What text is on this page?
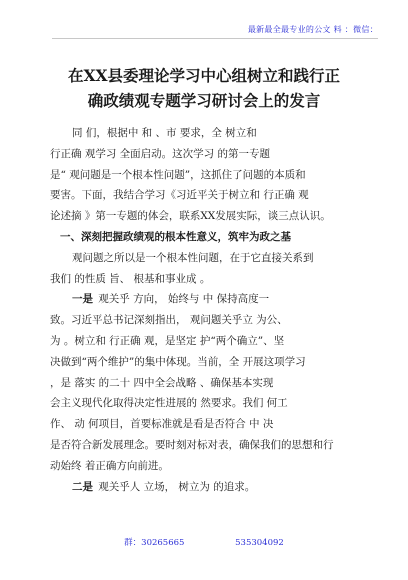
最新最全最专业的公文 料 ：微信：
在XX县委理论学习中心组树立和践行正
确政绩观专题学习研讨会上的发言
同 们，根据中 和 、市 要求，全 树立和
行正确 观学习 全面启动。这次学习 的第一专题
是“ 观问题是一个根本性问题”，这抓住了问题的本质和
要害。下面，我结合学习《习近平关于树立和 行正确 观
论述摘 》第一专题的体会，联系XX发展实际，谈三点认识。
一、深刻把握政绩观的根本性意义，筑牢为政之基
观问题之所以是一个根本性问题，在于它直接关系到
我们 的性质 旨、 根基和事业成 。
一是  观关乎 方向， 始终与 中 保持高度一
致。习近平总书记深刻指出， 观问题关乎立 为公、
为 。树立和 行正确 观，是坚定 护“两个确立”、坚
决做到“两个维护”的集中体现。当前，全 开展这项学习
，是 落实 的二十 四中全会战略 、确保基本实现
会主义现代化取得决定性进展的 然要求。我们 何工
作、 动 何项目，首要标准就是看是否符合 中 决
是否符合新发展理念。要时刻对标对表，确保我们的思想和行
动始终 着正确方向前进。
二是  观关乎人 立场， 树立为 的追求。
群：30265665	535304092
